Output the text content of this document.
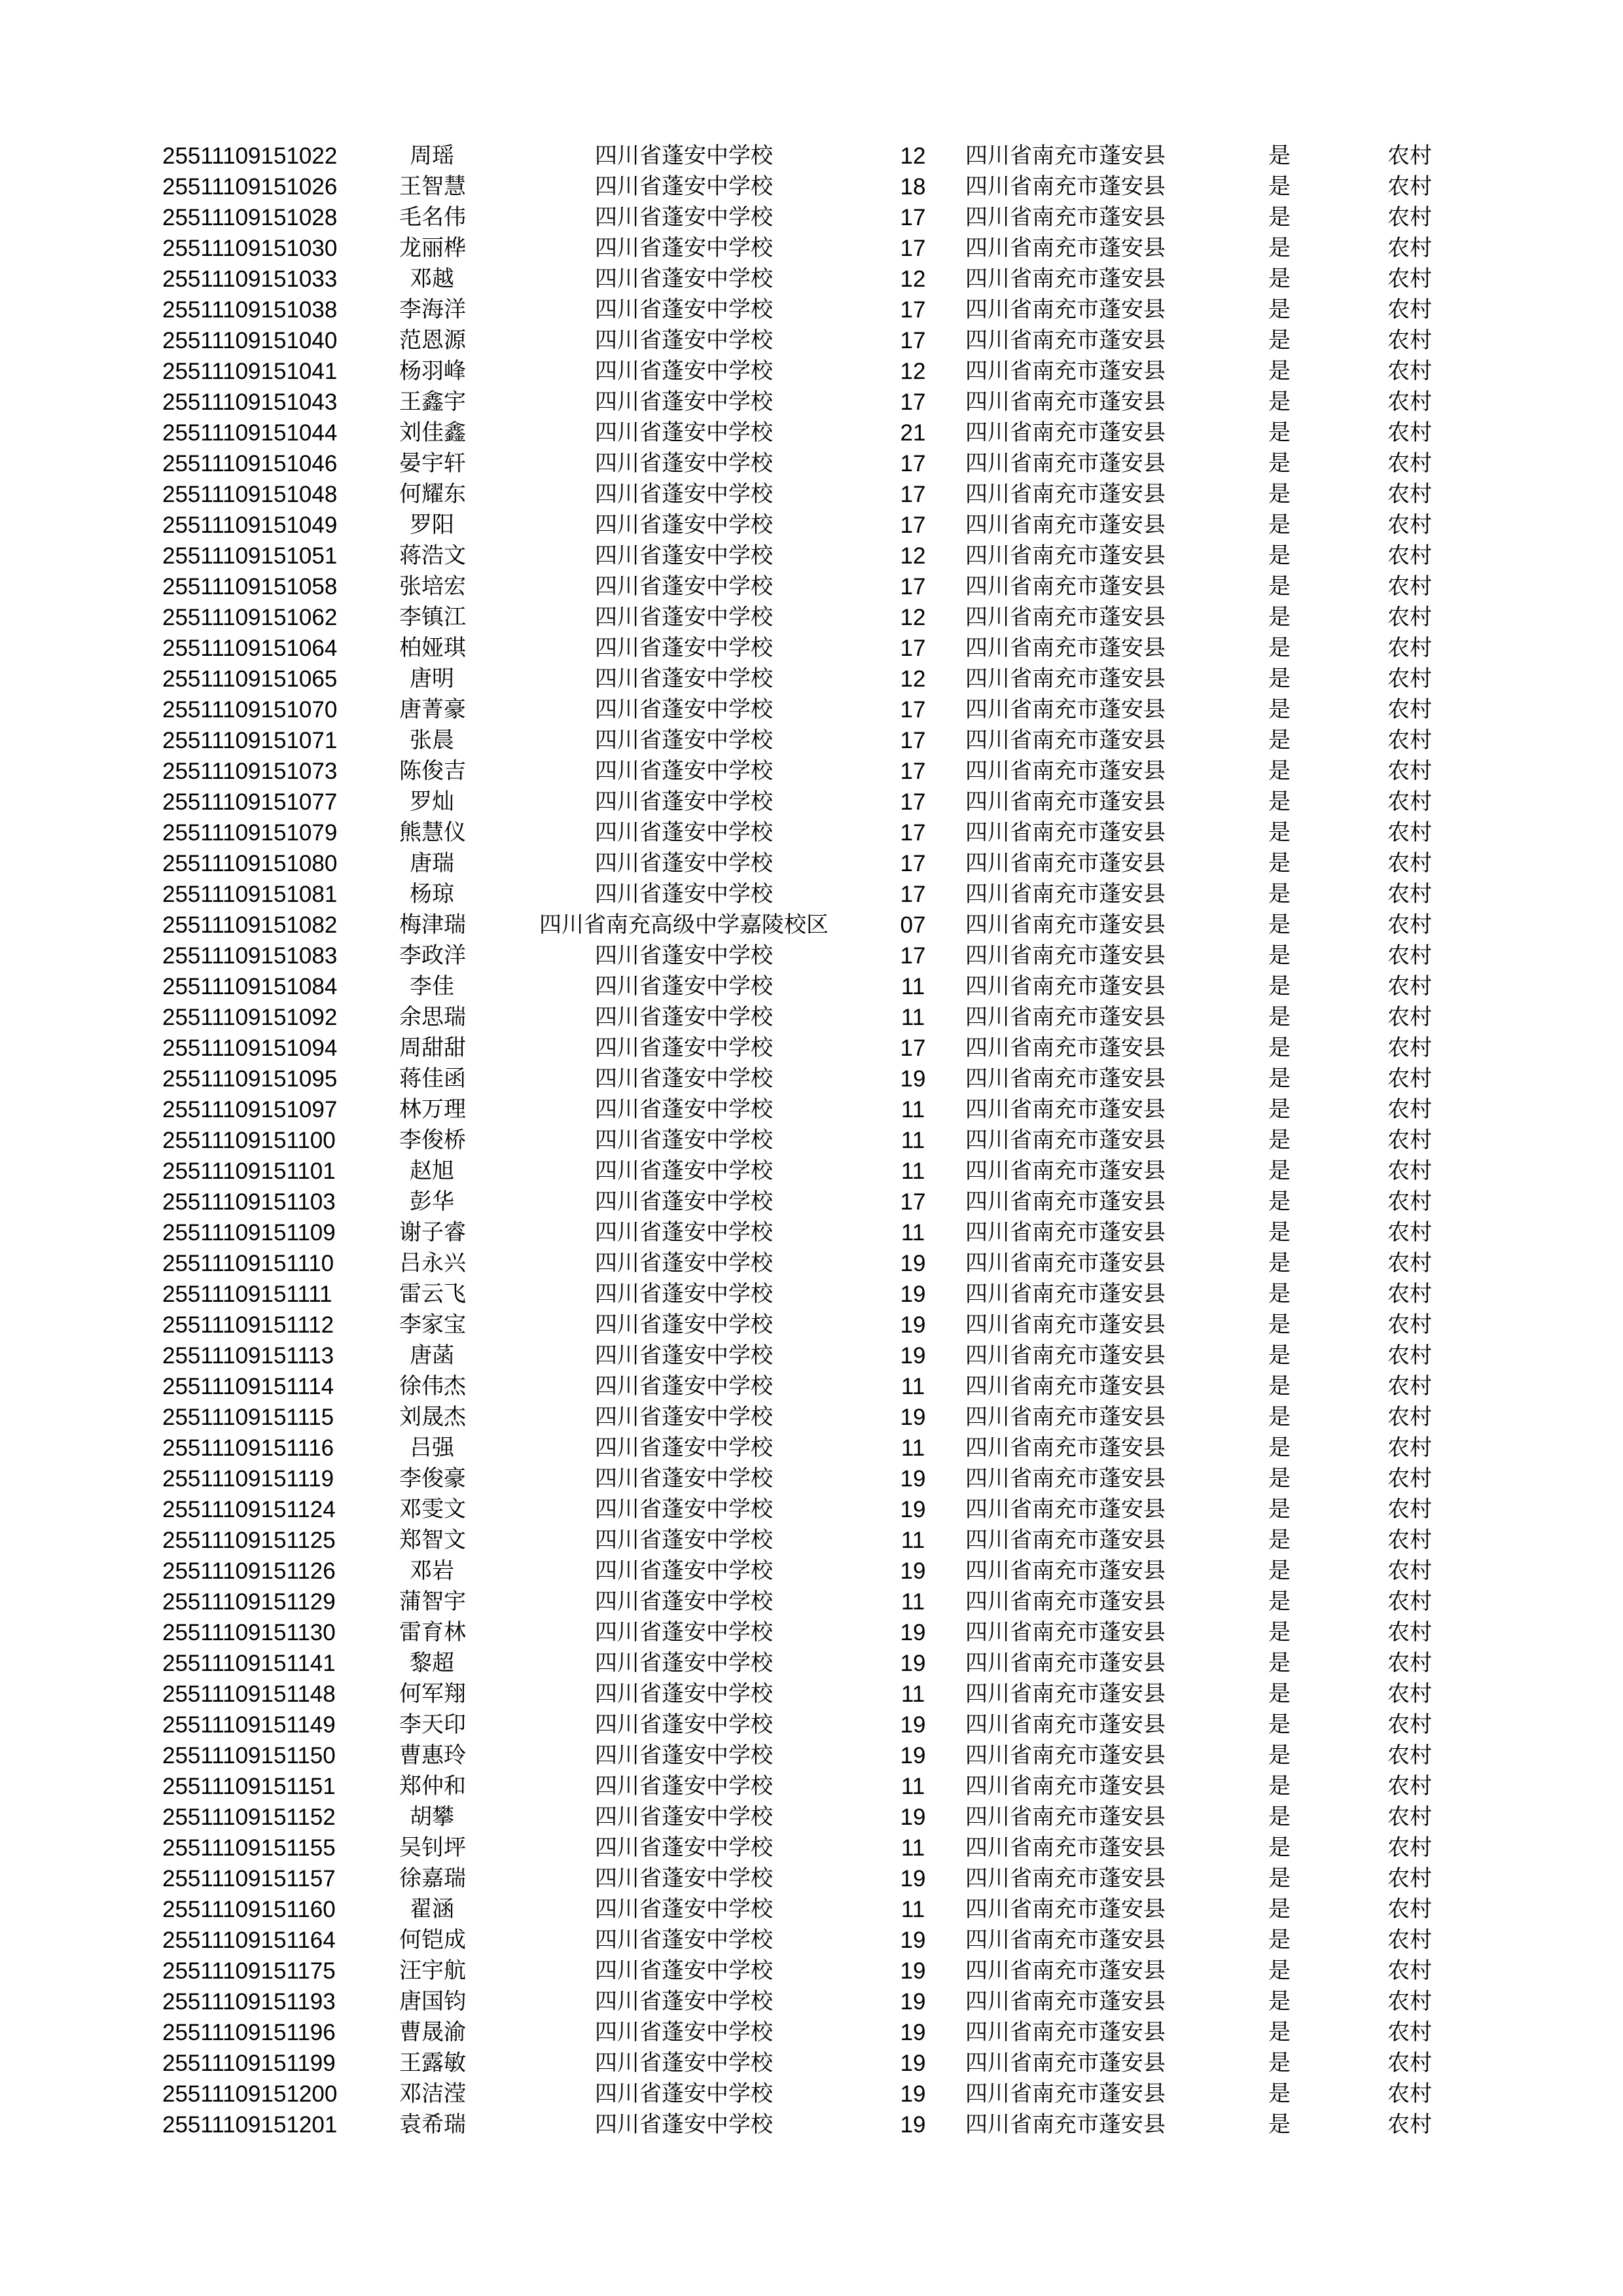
25511109151022	周瑶	四川省蓬安中学校	12	四川省南充市蓬安县	是	农村
25511109151026	王智慧	四川省蓬安中学校	18	四川省南充市蓬安县	是	农村
25511109151028	毛名伟	四川省蓬安中学校	17	四川省南充市蓬安县	是	农村
25511109151030	龙丽桦	四川省蓬安中学校	17	四川省南充市蓬安县	是	农村
25511109151033	邓越	四川省蓬安中学校	12	四川省南充市蓬安县	是	农村
25511109151038	李海洋	四川省蓬安中学校	17	四川省南充市蓬安县	是	农村
25511109151040	范恩源	四川省蓬安中学校	17	四川省南充市蓬安县	是	农村
25511109151041	杨羽峰	四川省蓬安中学校	12	四川省南充市蓬安县	是	农村
25511109151043	王鑫宇	四川省蓬安中学校	17	四川省南充市蓬安县	是	农村
25511109151044	刘佳鑫	四川省蓬安中学校	21	四川省南充市蓬安县	是	农村
25511109151046	晏宇轩	四川省蓬安中学校	17	四川省南充市蓬安县	是	农村
25511109151048	何耀东	四川省蓬安中学校	17	四川省南充市蓬安县	是	农村
25511109151049	罗阳	四川省蓬安中学校	17	四川省南充市蓬安县	是	农村
25511109151051	蒋浩文	四川省蓬安中学校	12	四川省南充市蓬安县	是	农村
25511109151058	张培宏	四川省蓬安中学校	17	四川省南充市蓬安县	是	农村
25511109151062	李镇江	四川省蓬安中学校	12	四川省南充市蓬安县	是	农村
25511109151064	柏娅琪	四川省蓬安中学校	17	四川省南充市蓬安县	是	农村
25511109151065	唐明	四川省蓬安中学校	12	四川省南充市蓬安县	是	农村
25511109151070	唐菁豪	四川省蓬安中学校	17	四川省南充市蓬安县	是	农村
25511109151071	张晨	四川省蓬安中学校	17	四川省南充市蓬安县	是	农村
25511109151073	陈俊吉	四川省蓬安中学校	17	四川省南充市蓬安县	是	农村
25511109151077	罗灿	四川省蓬安中学校	17	四川省南充市蓬安县	是	农村
25511109151079	熊慧仪	四川省蓬安中学校	17	四川省南充市蓬安县	是	农村
25511109151080	唐瑞	四川省蓬安中学校	17	四川省南充市蓬安县	是	农村
25511109151081	杨琼	四川省蓬安中学校	17	四川省南充市蓬安县	是	农村
25511109151082	梅津瑞	四川省南充高级中学嘉陵校区	07	四川省南充市蓬安县	是	农村
25511109151083	李政洋	四川省蓬安中学校	17	四川省南充市蓬安县	是	农村
25511109151084	李佳	四川省蓬安中学校	11	四川省南充市蓬安县	是	农村
25511109151092	余思瑞	四川省蓬安中学校	11	四川省南充市蓬安县	是	农村
25511109151094	周甜甜	四川省蓬安中学校	17	四川省南充市蓬安县	是	农村
25511109151095	蒋佳函	四川省蓬安中学校	19	四川省南充市蓬安县	是	农村
25511109151097	林万理	四川省蓬安中学校	11	四川省南充市蓬安县	是	农村
25511109151100	李俊桥	四川省蓬安中学校	11	四川省南充市蓬安县	是	农村
25511109151101	赵旭	四川省蓬安中学校	11	四川省南充市蓬安县	是	农村
25511109151103	彭华	四川省蓬安中学校	17	四川省南充市蓬安县	是	农村
25511109151109	谢子睿	四川省蓬安中学校	11	四川省南充市蓬安县	是	农村
25511109151110	吕永兴	四川省蓬安中学校	19	四川省南充市蓬安县	是	农村
25511109151111	雷云飞	四川省蓬安中学校	19	四川省南充市蓬安县	是	农村
25511109151112	李家宝	四川省蓬安中学校	19	四川省南充市蓬安县	是	农村
25511109151113	唐菡	四川省蓬安中学校	19	四川省南充市蓬安县	是	农村
25511109151114	徐伟杰	四川省蓬安中学校	11	四川省南充市蓬安县	是	农村
25511109151115	刘晟杰	四川省蓬安中学校	19	四川省南充市蓬安县	是	农村
25511109151116	吕强	四川省蓬安中学校	11	四川省南充市蓬安县	是	农村
25511109151119	李俊豪	四川省蓬安中学校	19	四川省南充市蓬安县	是	农村
25511109151124	邓雯文	四川省蓬安中学校	19	四川省南充市蓬安县	是	农村
25511109151125	郑智文	四川省蓬安中学校	11	四川省南充市蓬安县	是	农村
25511109151126	邓岩	四川省蓬安中学校	19	四川省南充市蓬安县	是	农村
25511109151129	蒲智宇	四川省蓬安中学校	11	四川省南充市蓬安县	是	农村
25511109151130	雷育林	四川省蓬安中学校	19	四川省南充市蓬安县	是	农村
25511109151141	黎超	四川省蓬安中学校	19	四川省南充市蓬安县	是	农村
25511109151148	何军翔	四川省蓬安中学校	11	四川省南充市蓬安县	是	农村
25511109151149	李天印	四川省蓬安中学校	19	四川省南充市蓬安县	是	农村
25511109151150	曹惠玲	四川省蓬安中学校	19	四川省南充市蓬安县	是	农村
25511109151151	郑仲和	四川省蓬安中学校	11	四川省南充市蓬安县	是	农村
25511109151152	胡攀	四川省蓬安中学校	19	四川省南充市蓬安县	是	农村
25511109151155	吴钊坪	四川省蓬安中学校	11	四川省南充市蓬安县	是	农村
25511109151157	徐嘉瑞	四川省蓬安中学校	19	四川省南充市蓬安县	是	农村
25511109151160	翟涵	四川省蓬安中学校	11	四川省南充市蓬安县	是	农村
25511109151164	何铠成	四川省蓬安中学校	19	四川省南充市蓬安县	是	农村
25511109151175	汪宇航	四川省蓬安中学校	19	四川省南充市蓬安县	是	农村
25511109151193	唐国钧	四川省蓬安中学校	19	四川省南充市蓬安县	是	农村
25511109151196	曹晟渝	四川省蓬安中学校	19	四川省南充市蓬安县	是	农村
25511109151199	王露敏	四川省蓬安中学校	19	四川省南充市蓬安县	是	农村
25511109151200	邓洁滢	四川省蓬安中学校	19	四川省南充市蓬安县	是	农村
25511109151201	袁希瑞	四川省蓬安中学校	19	四川省南充市蓬安县	是	农村
